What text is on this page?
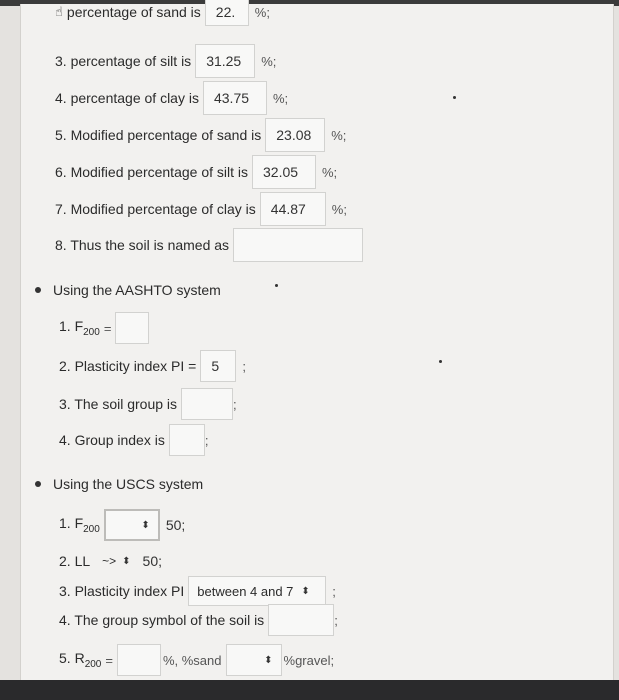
☝ percentage of sand is	22.	%;
3. percentage of silt is	31.25	%;
4. percentage of clay is	43.75	%;
5. Modified percentage of sand is	23.08	%;
6. Modified percentage of silt is	32.05	%;
7. Modified percentage of clay is	44.87	%;
8. Thus the soil is named as
Using the AASHTO system
1. $F_{200}$ =
2. Plasticity index PI =	5	;
3. The soil group is	;
4. Group index is	;
Using the USCS system
1. $F_{200}$	⬍ 50;
2. LL ~> ⬍ 50;
3. Plasticity index PI between 4 and 7 ⬍ ;
4. The group symbol of the soil is	;
5. $R_{200}$ =	%, %sand	⬍ %gravel;
